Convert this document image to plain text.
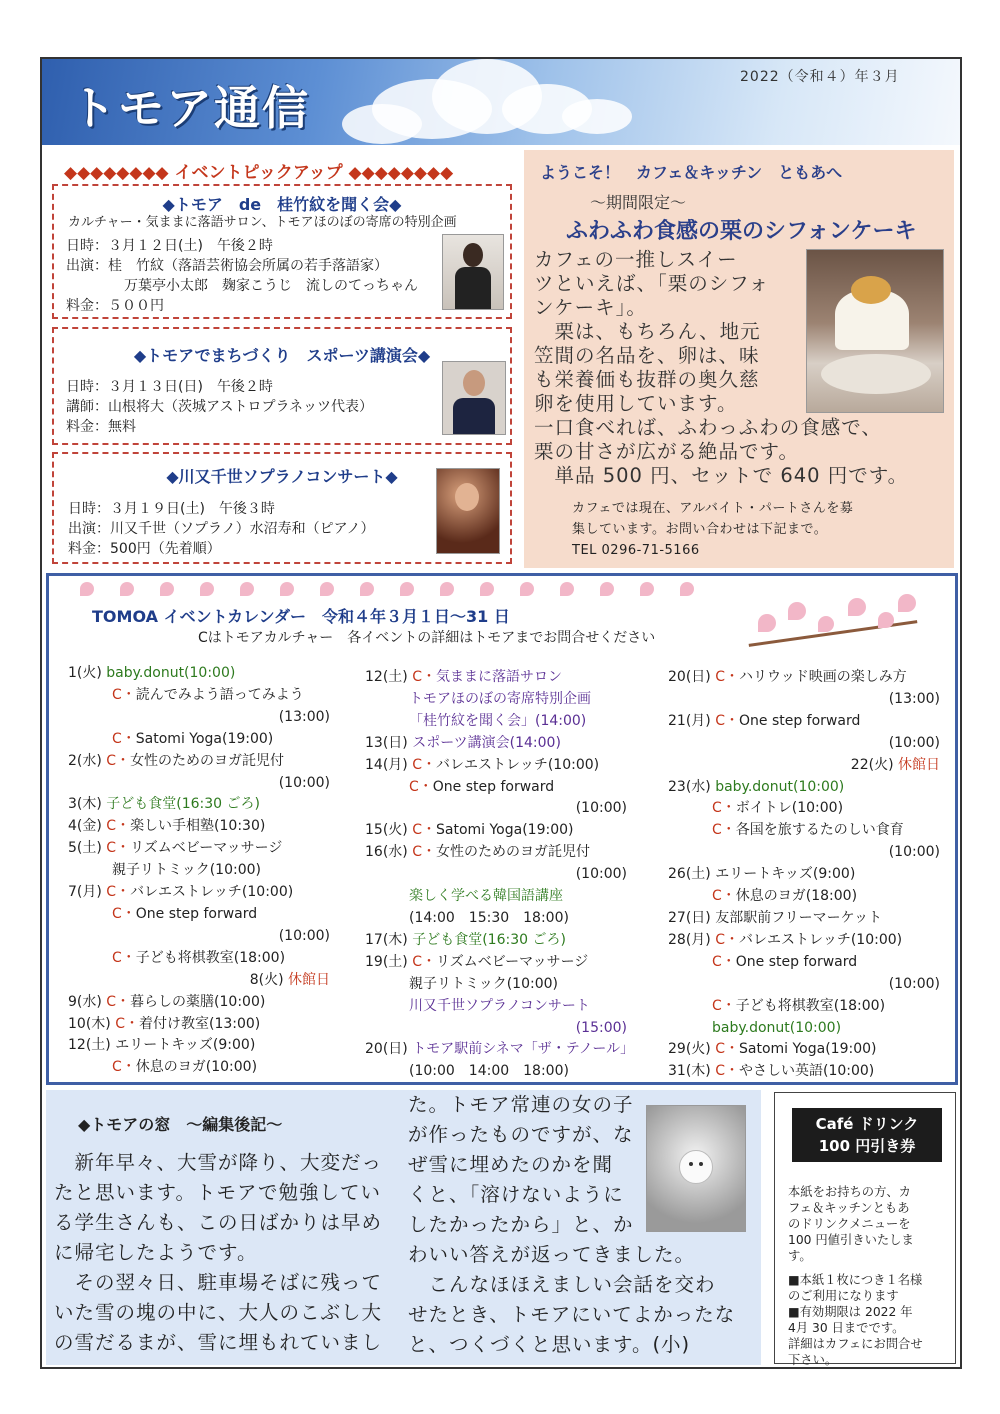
トモア通信
2022（令和４）年３月
◆◆◆◆◆◆◆◆ イベントピックアップ ◆◆◆◆◆◆◆◆
◆トモア　de　桂竹紋を聞く会◆
カルチャー・気ままに落語サロン、トモアほのぼの寄席の特別企画
日時：３月１２日(土)　午後２時
出演：桂　竹紋（落語芸術協会所属の若手落語家）
万葉亭小太郎　麹家こうじ　流しのてっちゃん
料金：５００円
◆トモアでまちづくり　スポーツ講演会◆
日時：３月１３日(日)　午後２時
講師：山根将大（茨城アストロプラネッツ代表）
料金：無料
◆川又千世ソプラノコンサート◆
日時：３月１９日(土)　午後３時
出演：川又千世（ソプラノ）水沼寿和（ピアノ）
料金：500円（先着順）
ようこそ！　カフェ＆キッチン　ともあへ
～期間限定～
ふわふわ食感の栗のシフォンケーキ
カフェの一推しスイー
ツといえば、「栗のシフォ
ンケーキ」。
　栗は、もちろん、地元
笠間の名品を、卵は、味
も栄養価も抜群の奥久慈
卵を使用しています。
一口食べれば、ふわっふわの食感で、
栗の甘さが広がる絶品です。
　単品 500 円、セットで 640 円です。
カフェでは現在、アルバイト・パートさんを募
集しています。お問い合わせは下記まで。
TEL 0296-71-5166
TOMOA イベントカレンダー　令和４年３月１日～31 日
Cはトモアカルチャー　各イベントの詳細はトモアまでお問合せください
1(火) baby.donut(10:00)
C・読んでみよう語ってみよう
(13:00)
C・Satomi Yoga(19:00)
2(水) C・女性のためのヨガ託児付
(10:00)
3(木) 子ども食堂(16:30 ごろ)
4(金) C・楽しい手相塾(10:30)
5(土) C・リズムベビーマッサージ
親子リトミック(10:00)
7(月) C・バレエストレッチ(10:00)
C・One step forward
(10:00)
C・子ども将棋教室(18:00)
8(火) 休館日
9(水) C・暮らしの薬膳(10:00)
10(木) C・着付け教室(13:00)
12(土) エリートキッズ(9:00)
C・休息のヨガ(10:00)
12(土) C・気ままに落語サロン
トモアほのぼの寄席特別企画
「桂竹紋を聞く会」(14:00)
13(日) スポーツ講演会(14:00)
14(月) C・バレエストレッチ(10:00)
C・One step forward
(10:00)
15(火) C・Satomi Yoga(19:00)
16(水) C・女性のためのヨガ託児付
(10:00)
楽しく学べる韓国語講座
(14:00　15:30　18:00)
17(木) 子ども食堂(16:30 ごろ)
19(土) C・リズムベビーマッサージ
親子リトミック(10:00)
川又千世ソプラノコンサート
(15:00)
20(日) トモア駅前シネマ「ザ・テノール」
(10:00　14:00　18:00)
20(日) C・ハリウッド映画の楽しみ方
(13:00)
21(月) C・One step forward
(10:00)
22(火) 休館日
23(水) baby.donut(10:00)
C・ボイトレ(10:00)
C・各国を旅するたのしい食育
(10:00)
26(土) エリートキッズ(9:00)
C・休息のヨガ(18:00)
27(日) 友部駅前フリーマーケット
28(月) C・バレエストレッチ(10:00)
C・One step forward
(10:00)
C・子ども将棋教室(18:00)
baby.donut(10:00)
29(火) C・Satomi Yoga(19:00)
31(木) C・やさしい英語(10:00)
◆トモアの窓　～編集後記～
　新年早々、大雪が降り、大変だっ
たと思います。トモアで勉強してい
る学生さんも、この日ばかりは早め
に帰宅したようです。
　その翌々日、駐車場そばに残って
いた雪の塊の中に、大人のこぶし大
の雪だるまが、雪に埋もれていまし
た。トモア常連の女の子
が作ったものですが、な
ぜ雪に埋めたのかを聞
くと、「溶けないように
したかったから」と、か
わいい答えが返ってきました。
　こんなほほえましい会話を交わ
せたとき、トモアにいてよかったな
と、つくづくと思います。(小)
Café ドリンク
100 円引き券
本紙をお持ちの方、カ
フェ＆キッチンともあ
のドリンクメニューを
100 円値引きいたしま
す。
■本紙１枚につき１名様
のご利用になります
■有効期限は 2022 年
4月 30 日までです。
詳細はカフェにお問合せ
下さい。
